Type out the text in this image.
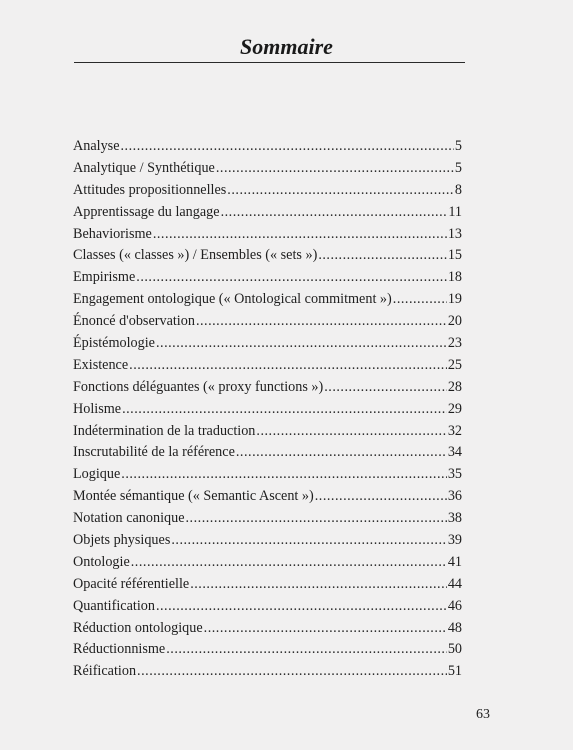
Sommaire
Analyse .....	5
Analytique / Synthétique .....	5
Attitudes propositionnelles .....	8
Apprentissage du langage .....	11
Behaviorisme .....	13
Classes (« classes ») / Ensembles (« sets ») .....	15
Empirisme .....	18
Engagement ontologique (« Ontological commitment ») .....	19
Énoncé d'observation .....	20
Épistémologie .....	23
Existence .....	25
Fonctions déléguantes (« proxy functions ») .....	28
Holisme .....	29
Indétermination de la traduction .....	32
Inscrutabilité de la référence .....	34
Logique .....	35
Montée sémantique (« Semantic Ascent ») .....	36
Notation canonique .....	38
Objets physiques .....	39
Ontologie .....	41
Opacité référentielle .....	44
Quantification .....	46
Réduction ontologique .....	48
Réductionnisme .....	50
Réification .....	51
63
